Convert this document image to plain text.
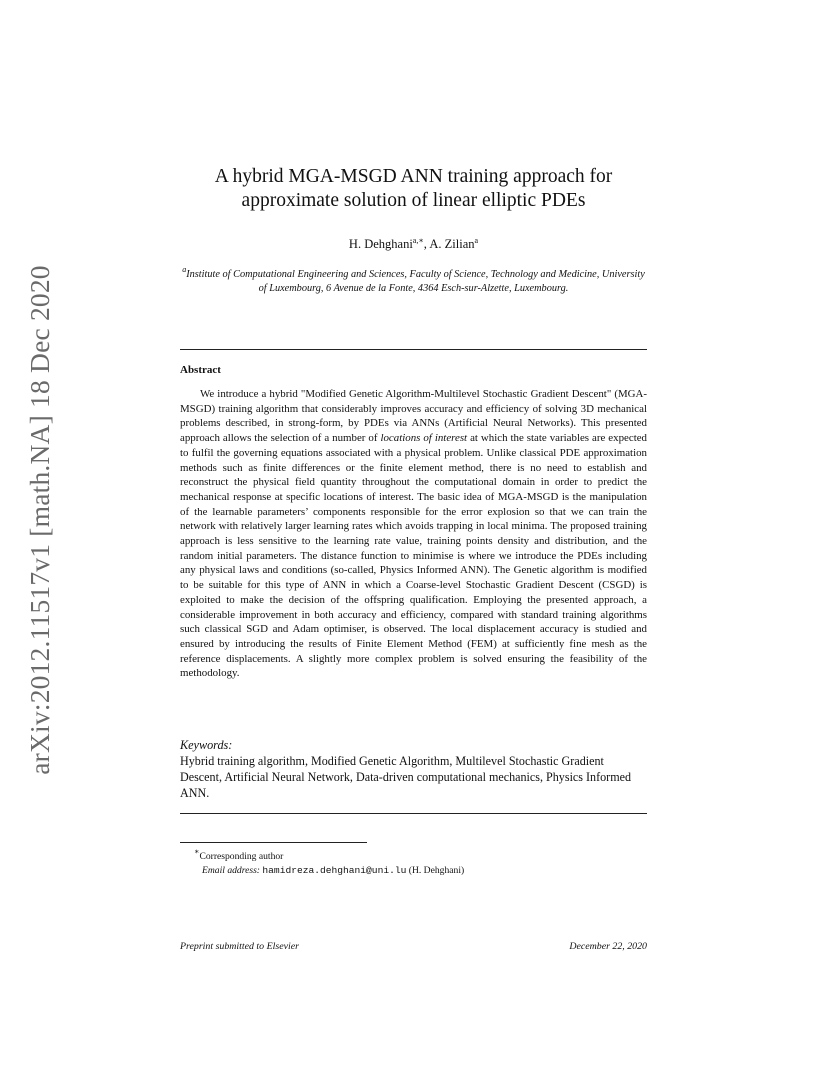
arXiv:2012.11517v1 [math.NA] 18 Dec 2020
A hybrid MGA-MSGD ANN training approach for
approximate solution of linear elliptic PDEs
H. Dehghani$^{a,∗}$, A. Zilian$^a$
$^a$Institute of Computational Engineering and Sciences, Faculty of Science, Technology and Medicine, University of Luxembourg, 6 Avenue de la Fonte, 4364 Esch-sur-Alzette, Luxembourg.
Abstract
We introduce a hybrid "Modified Genetic Algorithm-Multilevel Stochastic Gradient Descent" (MGA-MSGD) training algorithm that considerably improves accuracy and efficiency of solving 3D mechanical problems described, in strong-form, by PDEs via ANNs (Artificial Neural Networks). This presented approach allows the selection of a number of locations of interest at which the state variables are expected to fulfil the governing equations associated with a physical problem. Unlike classical PDE approximation methods such as finite differences or the finite element method, there is no need to establish and reconstruct the physical field quantity throughout the computational domain in order to predict the mechanical response at specific locations of interest. The basic idea of MGA-MSGD is the manipulation of the learnable parameters’ components responsible for the error explosion so that we can train the network with relatively larger learning rates which avoids trapping in local minima. The proposed training approach is less sensitive to the learning rate value, training points density and distribution, and the random initial parameters. The distance function to minimise is where we introduce the PDEs including any physical laws and conditions (so-called, Physics Informed ANN). The Genetic algorithm is modified to be suitable for this type of ANN in which a Coarse-level Stochastic Gradient Descent (CSGD) is exploited to make the decision of the offspring qualification. Employing the presented approach, a considerable improvement in both accuracy and efficiency, compared with standard training algorithms such classical SGD and Adam optimiser, is observed. The local displacement accuracy is studied and ensured by introducing the results of Finite Element Method (FEM) at sufficiently fine mesh as the reference displacements. A slightly more complex problem is solved ensuring the feasibility of the methodology.
Keywords:
Hybrid training algorithm, Modified Genetic Algorithm, Multilevel Stochastic Gradient Descent, Artificial Neural Network, Data-driven computational mechanics, Physics Informed ANN.
∗Corresponding author
Email address: hamidreza.dehghani@uni.lu (H. Dehghani)
Preprint submitted to Elsevier	December 22, 2020
